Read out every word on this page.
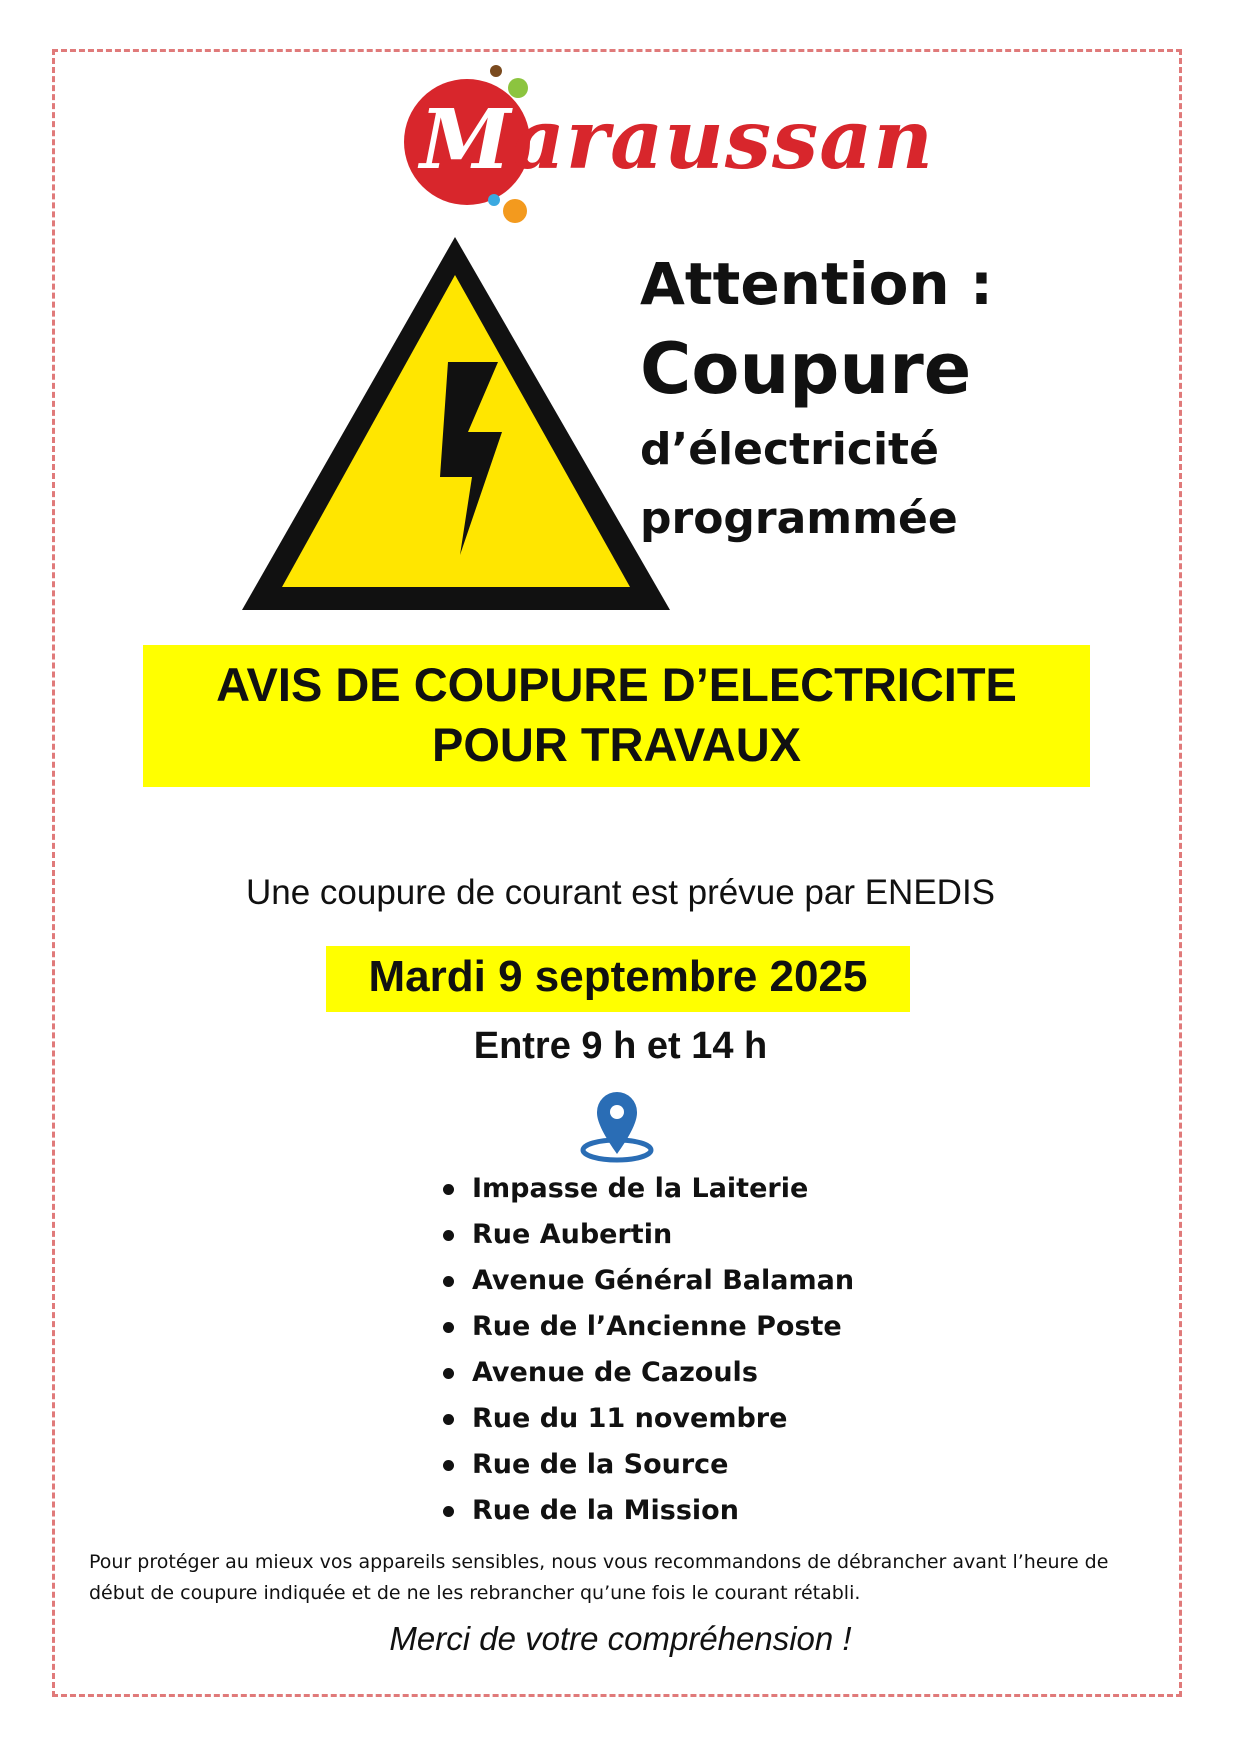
Maraussan
Attention :
Coupure
d’électricité
programmée
AVIS DE COUPURE D’ELECTRICITE
POUR TRAVAUX
Une coupure de courant est prévue par ENEDIS
Mardi 9 septembre 2025
Entre 9 h et 14 h
Impasse de la Laiterie
Rue Aubertin
Avenue Général Balaman
Rue de l’Ancienne Poste
Avenue de Cazouls
Rue du 11 novembre
Rue de la Source
Rue de la Mission
Pour protéger au mieux vos appareils sensibles, nous vous recommandons de débrancher avant l’heure de début de coupure indiquée et de ne les rebrancher qu’une fois le courant rétabli.
Merci de votre compréhension !
